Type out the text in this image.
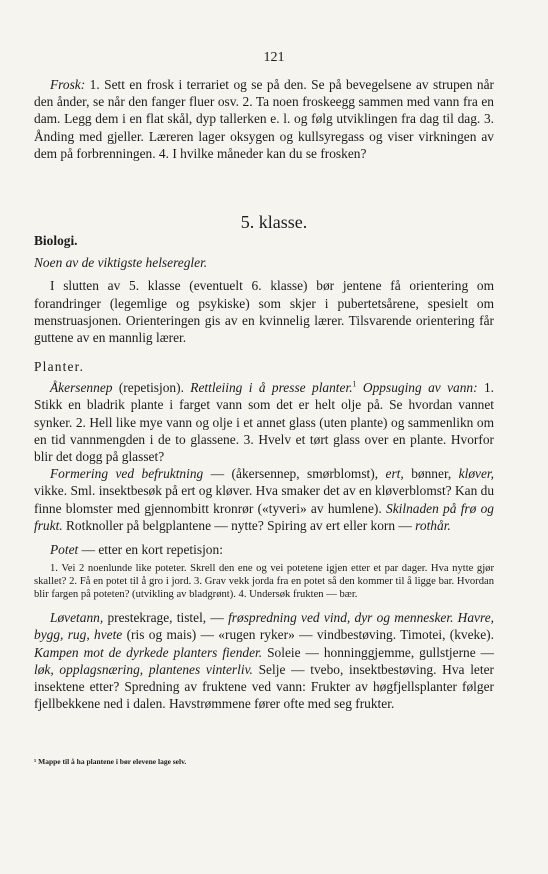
121

Frosk: 1. Sett en frosk i terrariet og se på den. Se på bevegelsene av strupen når den ånder, se når den fanger fluer osv. 2. Ta noen froskeegg sammen med vann fra en dam. Legg dem i en flat skål, dyp tallerken e. l. og følg utviklingen fra dag til dag. 3. Ånding med gjeller. Læreren lager oksygen og kullsyregass og viser virkningen av dem på forbrenningen. 4. I hvilke måneder kan du se frosken?

5. klasse.

Biologi.

Noen av de viktigste helseregler.

I slutten av 5. klasse (eventuelt 6. klasse) bør jentene få orientering om forandringer (legemlige og psykiske) som skjer i pubertetsårene, spesielt om menstruasjonen. Orienteringen gis av en kvinnelig lærer. Tilsvarende orientering får guttene av en mannlig lærer.

Planter.

Åkersennep (repetisjon). Rettleiing i å presse planter.$^1$ Oppsuging av vann: 1. Stikk en bladrik plante i farget vann som det er helt olje på. Se hvordan vannet synker. 2. Hell like mye vann og olje i et annet glass (uten plante) og sammenlikn om en tid vannmengden i de to glassene. 3. Hvelv et tørt glass over en plante. Hvorfor blir det dogg på glasset?

Formering ved befruktning — (åkersennep, smørblomst), ert, bønner, kløver, vikke. Sml. insektbesøk på ert og kløver. Hva smaker det av en kløverblomst? Kan du finne blomster med gjennombitt kronrør («tyveri» av humlene). Skilnaden på frø og frukt. Rotknoller på belgplantene — nytte? Spiring av ert eller korn — rothår.

Potet — etter en kort repetisjon:

1. Vei 2 noenlunde like poteter. Skrell den ene og vei potetene igjen etter et par dager. Hva nytte gjør skallet? 2. Få en potet til å gro i jord. 3. Grav vekk jorda fra en potet så den kommer til å ligge bar. Hvordan blir fargen på poteten? (utvikling av bladgrønt). 4. Undersøk frukten — bær.

Løvetann, prestekrage, tistel, — frøspredning ved vind, dyr og mennesker. Havre, bygg, rug, hvete (ris og mais) — «rugen ryker» — vindbestøving. Timotei, (kveke). Kampen mot de dyrkede planters fiender. Soleie — honninggjemme, gullstjerne — løk, opplagsnæring, plantenes vinterliv. Selje — tvebo, insektbestøving. Hva leter insektene etter? Spredning av fruktene ved vann: Frukter av høgfjellsplanter følger fjellbekkene ned i dalen. Havstrømmene fører ofte med seg frukter.

¹ Mappe til å ha plantene i bør elevene lage selv.
